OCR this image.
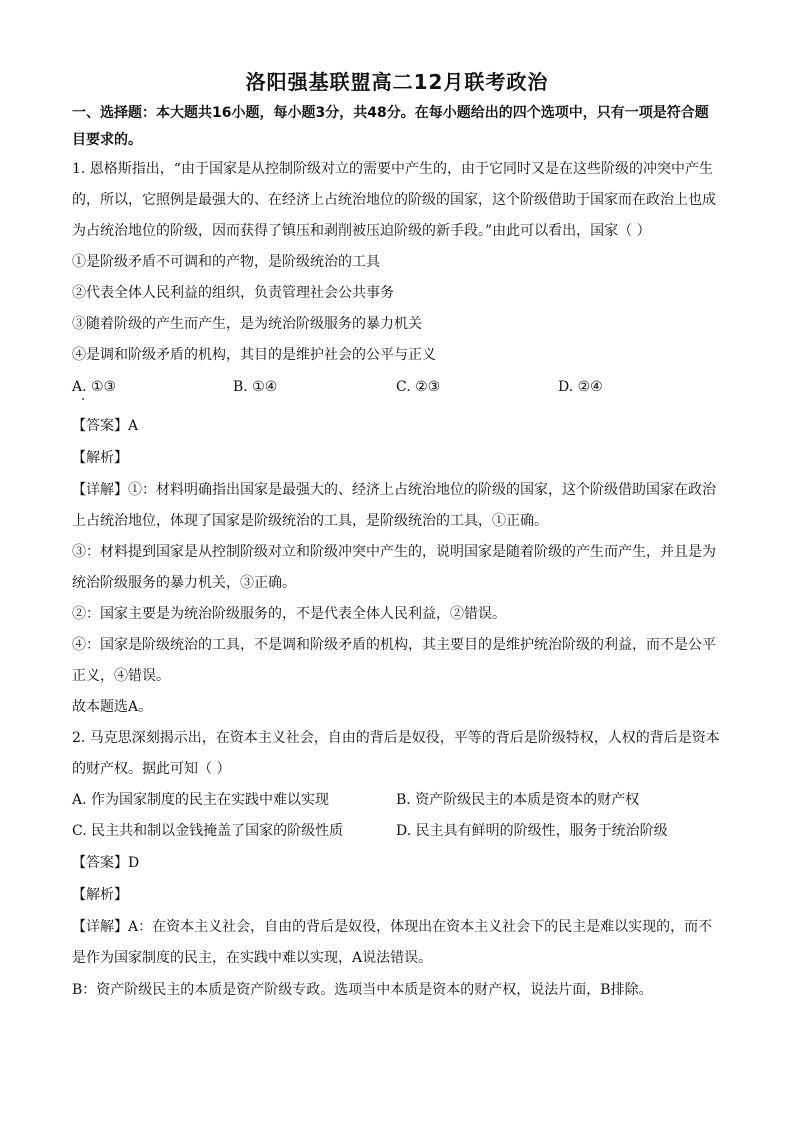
洛阳强基联盟高二12月联考政治
一、选择题：本大题共16小题，每小题3分，共48分。在每小题给出的四个选项中，只有一项是符合题
目要求的。
1. 恩格斯指出，“由于国家是从控制阶级对立的需要中产生的，由于它同时又是在这些阶级的冲突中产生
的，所以，它照例是最强大的、在经济上占统治地位的阶级的国家，这个阶级借助于国家而在政治上也成
为占统治地位的阶级，因而获得了镇压和剥削被压迫阶级的新手段。”由此可以看出，国家（ ）
①是阶级矛盾不可调和的产物，是阶级统治的工具
②代表全体人民利益的组织，负责管理社会公共事务
③随着阶级的产生而产生，是为统治阶级服务的暴力机关
④是调和阶级矛盾的机构，其目的是维护社会的公平与正义
A. ①③	B. ①④	C. ②③	D. ②④
【答案】A
【解析】
【详解】①：材料明确指出国家是最强大的、经济上占统治地位的阶级的国家，这个阶级借助国家在政治
上占统治地位，体现了国家是阶级统治的工具，是阶级统治的工具，①正确。
③：材料提到国家是从控制阶级对立和阶级冲突中产生的，说明国家是随着阶级的产生而产生，并且是为
统治阶级服务的暴力机关，③正确。
②：国家主要是为统治阶级服务的，不是代表全体人民利益，②错误。
④：国家是阶级统治的工具，不是调和阶级矛盾的机构，其主要目的是维护统治阶级的利益，而不是公平
正义，④错误。
故本题选A。
2. 马克思深刻揭示出，在资本主义社会，自由的背后是奴役，平等的背后是阶级特权，人权的背后是资本
的财产权。据此可知（ ）
A. 作为国家制度的民主在实践中难以实现	B. 资产阶级民主的本质是资本的财产权
C. 民主共和制以金钱掩盖了国家的阶级性质	D. 民主具有鲜明的阶级性，服务于统治阶级
【答案】D
【解析】
【详解】A：在资本主义社会，自由的背后是奴役，体现出在资本主义社会下的民主是难以实现的，而不
是作为国家制度的民主，在实践中难以实现，A说法错误。
B：资产阶级民主的本质是资产阶级专政。选项当中本质是资本的财产权，说法片面，B排除。
